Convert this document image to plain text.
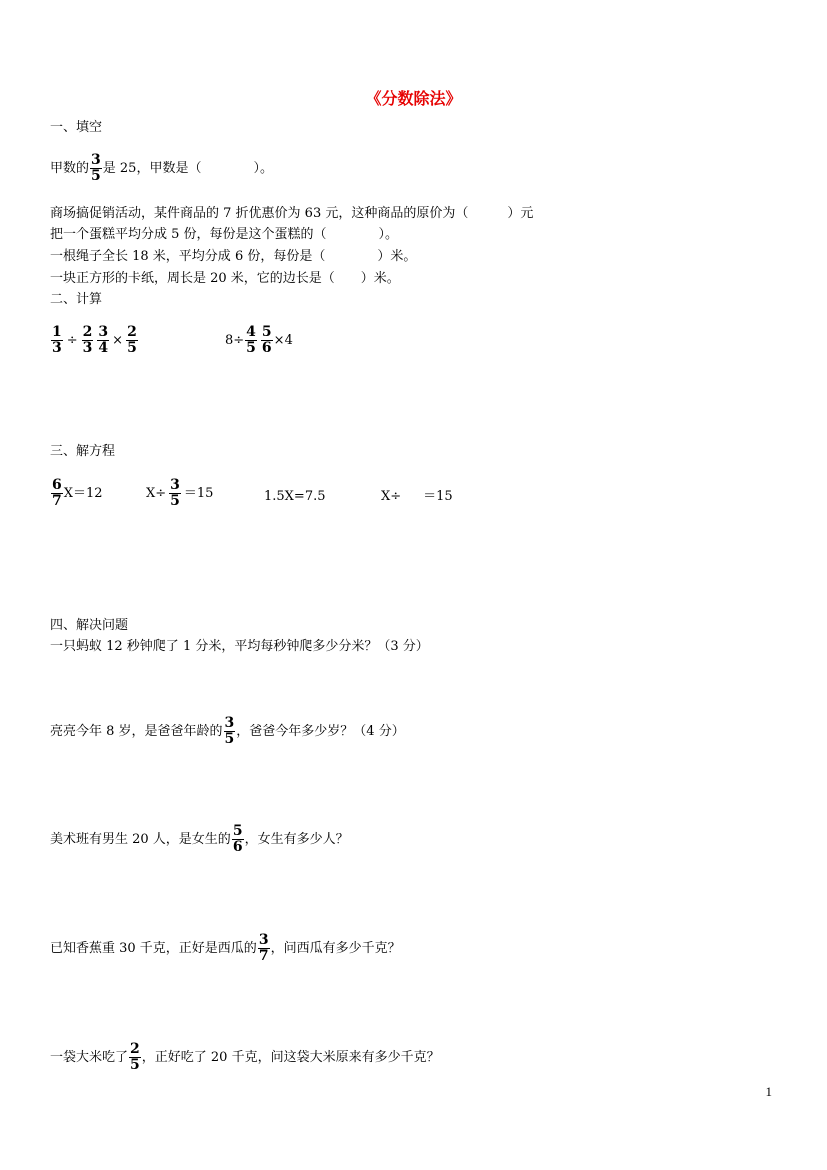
《分数除法》
一、填空
甲数的 $\frac{3}{5}$ 是 25，甲数是（　　　　）。
商场搞促销活动，某件商品的 7 折优惠价为 63 元，这种商品的原价为（　　　）元
把一个蛋糕平均分成 5 份，每份是这个蛋糕的（　　　　）。
一根绳子全长 18 米，平均分成 6 份，每份是（　　　　）米。
一块正方形的卡纸，周长是 20 米，它的边长是（　　）米。
二、计算
$\frac{1}{3} \div \frac{2}{3} \frac{3}{4} \times \frac{2}{5}$	$8\div \frac{4}{5} \frac{5}{6} \times 4$
三、解方程
$\frac{6}{7} X=12$	$X\div \frac{3}{5} =15$	1.5X=7.5	X÷ ＝15
四、解决问题
一只蚂蚁 12 秒钟爬了 1 分米，平均每秒钟爬多少分米？（3 分）
亮亮今年 8 岁，是爸爸年龄的 $\frac{3}{5}$ ，爸爸今年多少岁？（4 分）
美术班有男生 20 人，是女生的 $\frac{5}{6}$ ，女生有多少人？
已知香蕉重 30 千克，正好是西瓜的 $\frac{3}{7}$ ，问西瓜有多少千克？
一袋大米吃了 $\frac{2}{5}$ ，正好吃了 20 千克，问这袋大米原来有多少千克？
1
